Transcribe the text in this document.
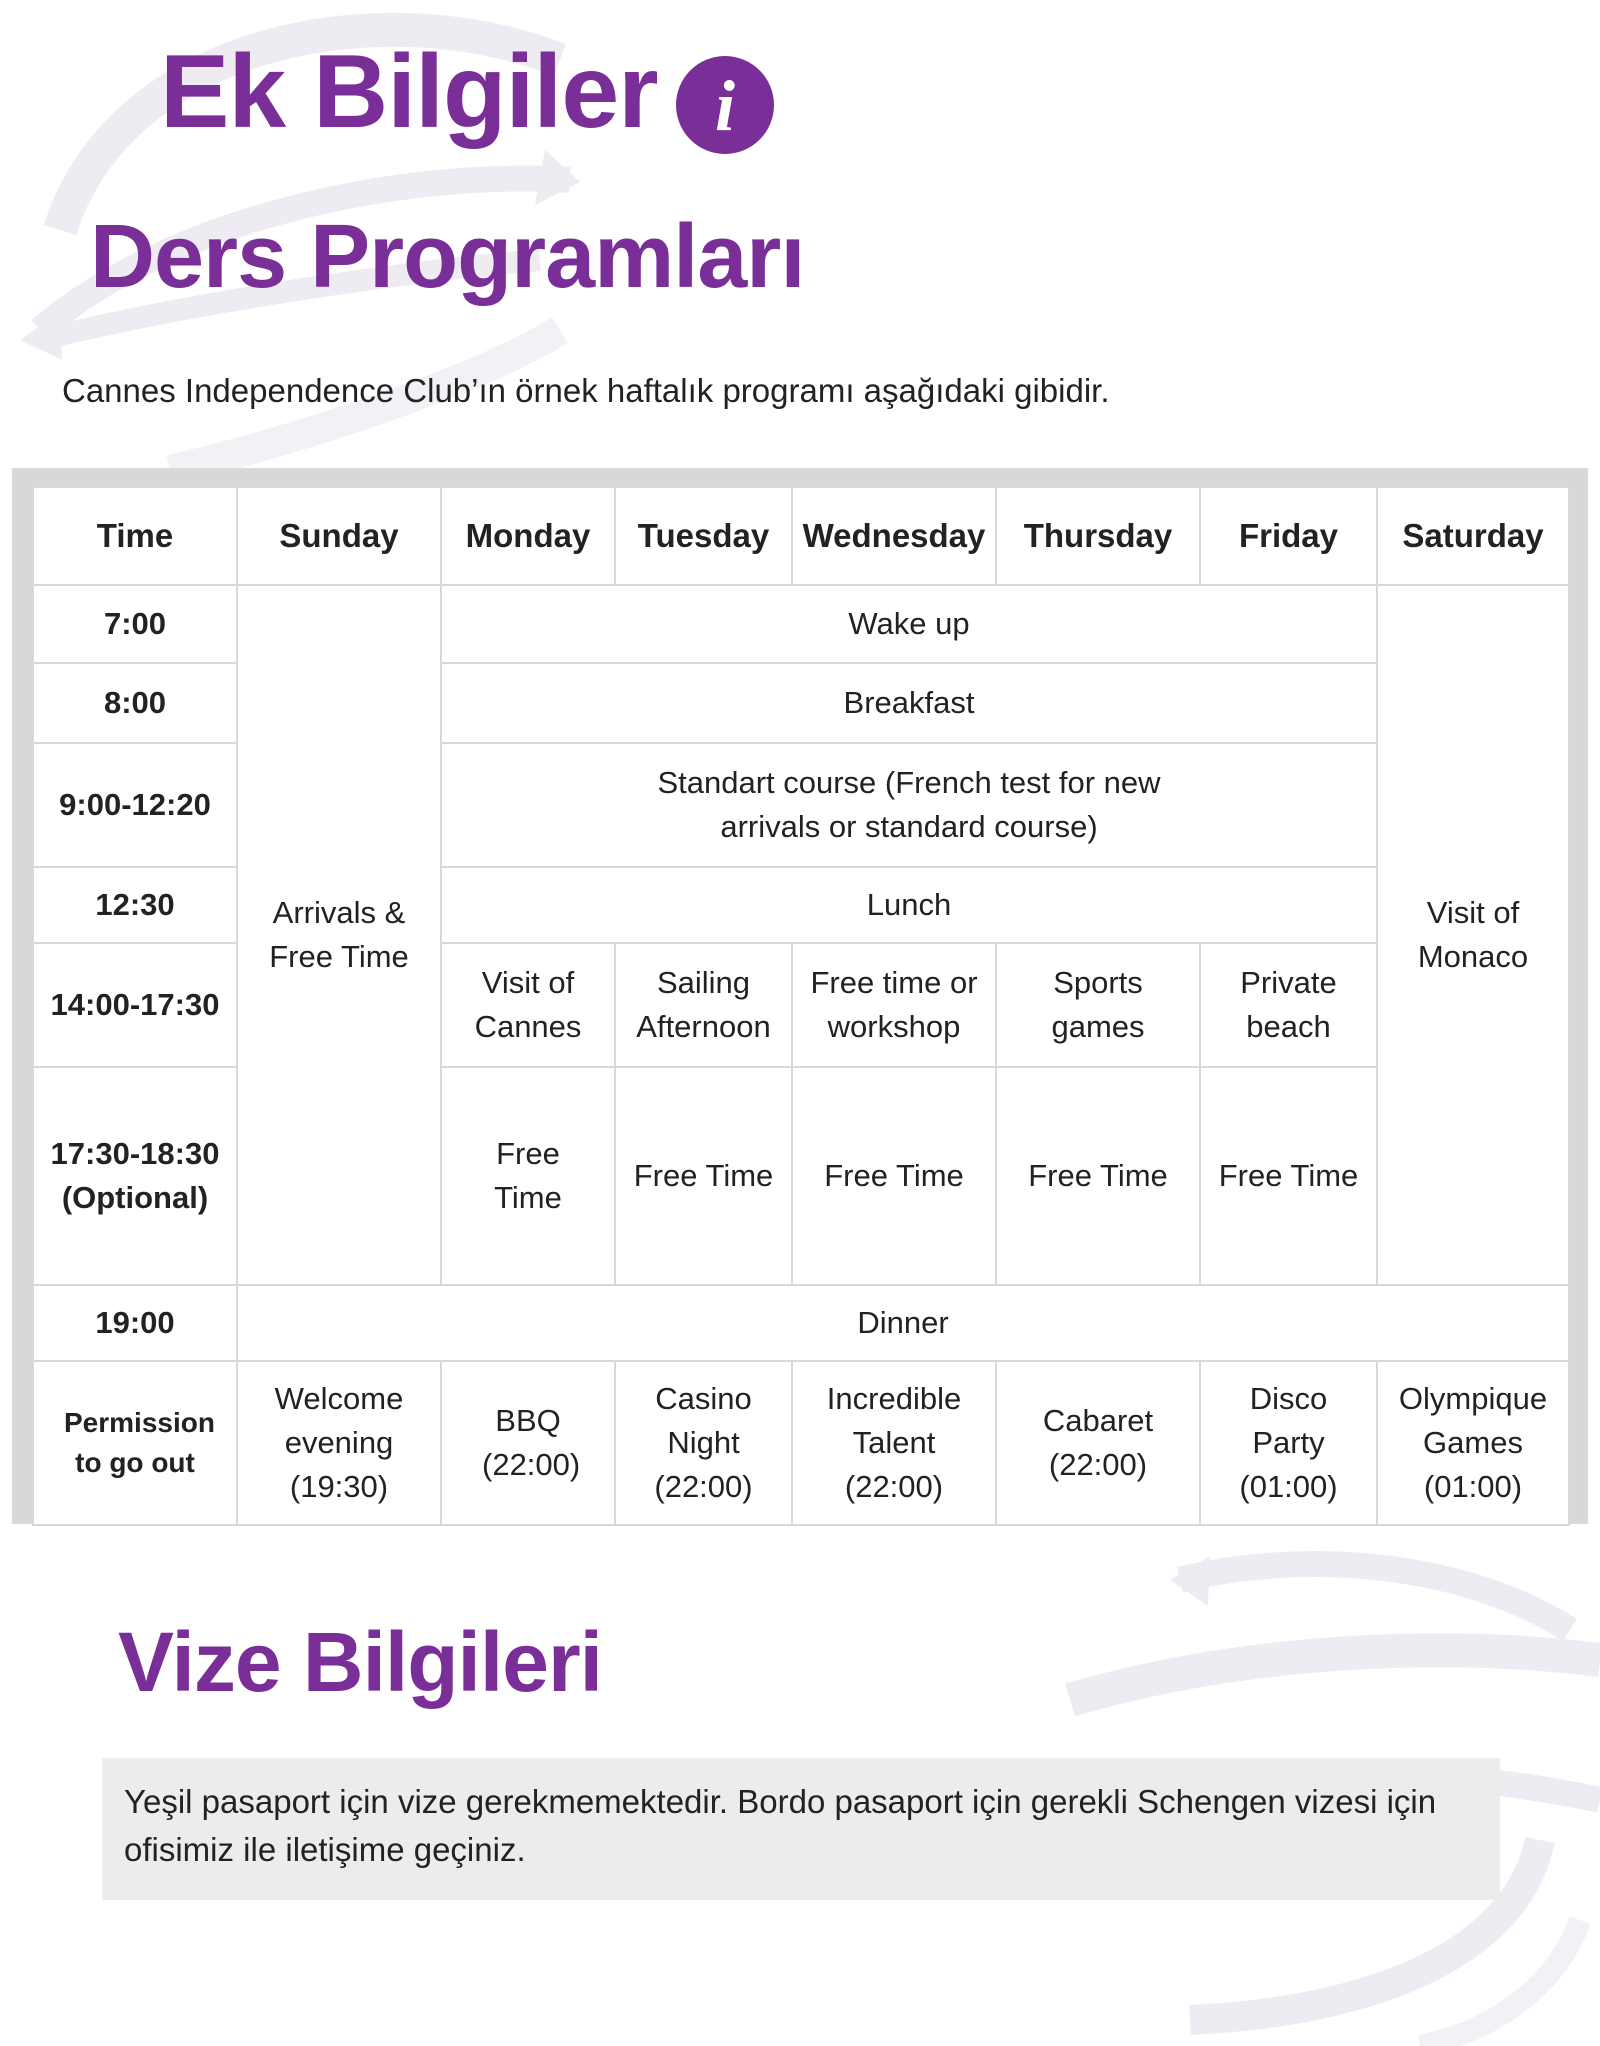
Ek Bilgiler i
Ders Programları
Cannes Independence Club’ın örnek haftalık programı aşağıdaki gibidir.
Time	Sunday	Monday	Tuesday	Wednesday	Thursday	Friday	Saturday
7:00	Arrivals & Free Time	Wake up					Visit of Monaco
8:00		Breakfast					
9:00-12:20		Standart course (French test for new arrivals or standard course)					
12:30		Lunch					
14:00-17:30		Visit of Cannes	Sailing Afternoon	Free time or workshop	Sports games	Private beach	
17:30-18:30 (Optional)		Free Time	Free Time	Free Time	Free Time	Free Time	
19:00	Dinner						
Permission to go out	Welcome evening (19:30)	BBQ (22:00)	Casino Night (22:00)	Incredible Talent (22:00)	Cabaret (22:00)	Disco Party (01:00)	Olympique Games (01:00)
Vize Bilgileri
Yeşil pasaport için vize gerekmemektedir. Bordo pasaport için gerekli Schengen vizesi için ofisimiz ile iletişime geçiniz.
